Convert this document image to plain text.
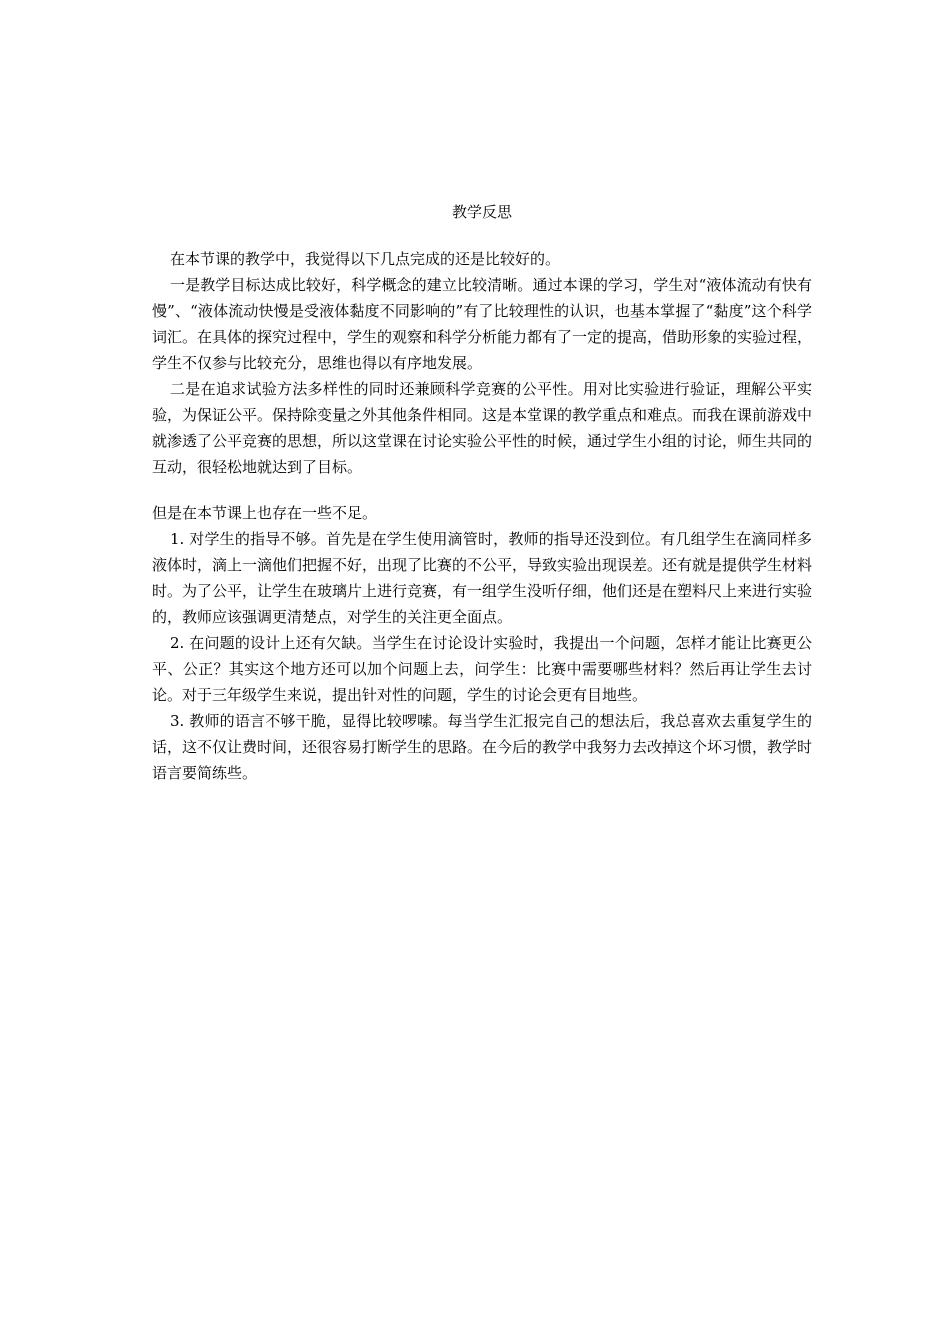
教学反思

在本节课的教学中，我觉得以下几点完成的还是比较好的。

一是教学目标达成比较好，科学概念的建立比较清晰。通过本课的学习，学生对“液体流动有快有慢”、“液体流动快慢是受液体黏度不同影响的”有了比较理性的认识，也基本掌握了“黏度”这个科学词汇。在具体的探究过程中，学生的观察和科学分析能力都有了一定的提高，借助形象的实验过程，学生不仅参与比较充分，思维也得以有序地发展。

二是在追求试验方法多样性的同时还兼顾科学竞赛的公平性。用对比实验进行验证，理解公平实验，为保证公平。保持除变量之外其他条件相同。这是本堂课的教学重点和难点。而我在课前游戏中就渗透了公平竞赛的思想，所以这堂课在讨论实验公平性的时候，通过学生小组的讨论，师生共同的互动，很轻松地就达到了目标。

但是在本节课上也存在一些不足。

1. 对学生的指导不够。首先是在学生使用滴管时，教师的指导还没到位。有几组学生在滴同样多液体时，滴上一滴他们把握不好，出现了比赛的不公平，导致实验出现误差。还有就是提供学生材料时。为了公平，让学生在玻璃片上进行竞赛，有一组学生没听仔细，他们还是在塑料尺上来进行实验的，教师应该强调更清楚点，对学生的关注更全面点。

2. 在问题的设计上还有欠缺。当学生在讨论设计实验时，我提出一个问题，怎样才能让比赛更公平、公正？其实这个地方还可以加个问题上去，问学生：比赛中需要哪些材料？然后再让学生去讨论。对于三年级学生来说，提出针对性的问题，学生的讨论会更有目地些。

3. 教师的语言不够干脆，显得比较啰嗦。每当学生汇报完自己的想法后，我总喜欢去重复学生的话，这不仅让费时间，还很容易打断学生的思路。在今后的教学中我努力去改掉这个坏习惯，教学时语言要简练些。
